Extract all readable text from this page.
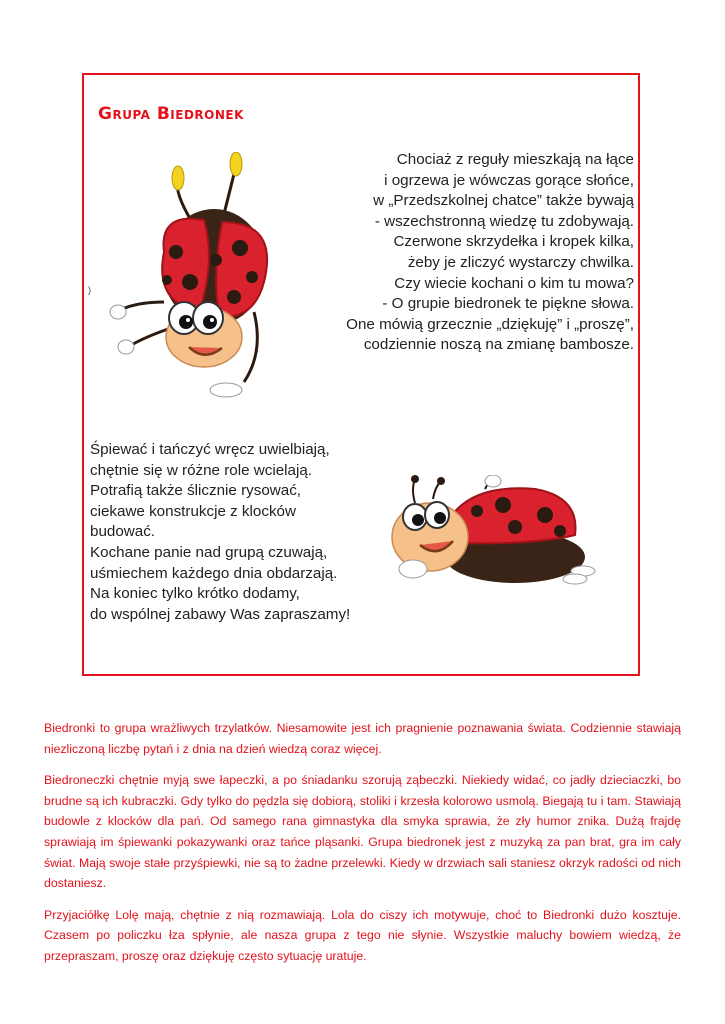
Grupa Biedronek
)
Chociaż z reguły mieszkają na łące
i ogrzewa je wówczas gorące słońce,
w „Przedszkolnej chatce” także bywają
- wszechstronną wiedzę tu zdobywają.
Czerwone skrzydełka i kropek kilka,
żeby je zliczyć wystarczy chwilka.
Czy wiecie kochani o kim tu mowa?
- O grupie biedronek te piękne słowa.
One mówią grzecznie „dziękuję” i „proszę”,
codziennie noszą na zmianę bambosze.
Śpiewać i tańczyć wręcz uwielbiają,
chętnie się w różne role wcielają.
Potrafią także ślicznie rysować,
ciekawe konstrukcje z klocków
budować.
Kochane panie nad grupą czuwają,
uśmiechem każdego dnia obdarzają.
Na koniec tylko krótko dodamy,
do wspólnej zabawy Was zapraszamy!

Biedronki to grupa wrażliwych trzylatków. Niesamowite jest ich pragnienie poznawania świata. Codziennie stawiają niezliczoną liczbę pytań i z dnia na dzień wiedzą coraz więcej.

Biedroneczki chętnie myją swe łapeczki, a po śniadanku szorują ząbeczki. Niekiedy widać, co jadły dzieciaczki, bo brudne są ich kubraczki. Gdy tylko do pędzla się dobiorą, stoliki i krzesła kolorowo usmolą. Biegają tu i tam. Stawiają budowle z klocków dla pań. Od samego rana gimnastyka dla smyka sprawia, że zły humor znika. Dużą frajdę sprawiają im śpiewanki pokazywanki oraz tańce pląsanki. Grupa biedronek jest z muzyką za pan brat, gra im cały świat. Mają swoje stałe przyśpiewki, nie są to żadne przelewki. Kiedy w drzwiach sali staniesz okrzyk radości od nich dostaniesz.

Przyjaciółkę Lolę mają, chętnie z nią rozmawiają. Lola do ciszy ich motywuje, choć to Biedronki dużo kosztuje. Czasem po policzku łza spłynie, ale nasza grupa z tego nie słynie. Wszystkie maluchy bowiem wiedzą, że przepraszam, proszę oraz dziękuję często sytuację uratuje.
